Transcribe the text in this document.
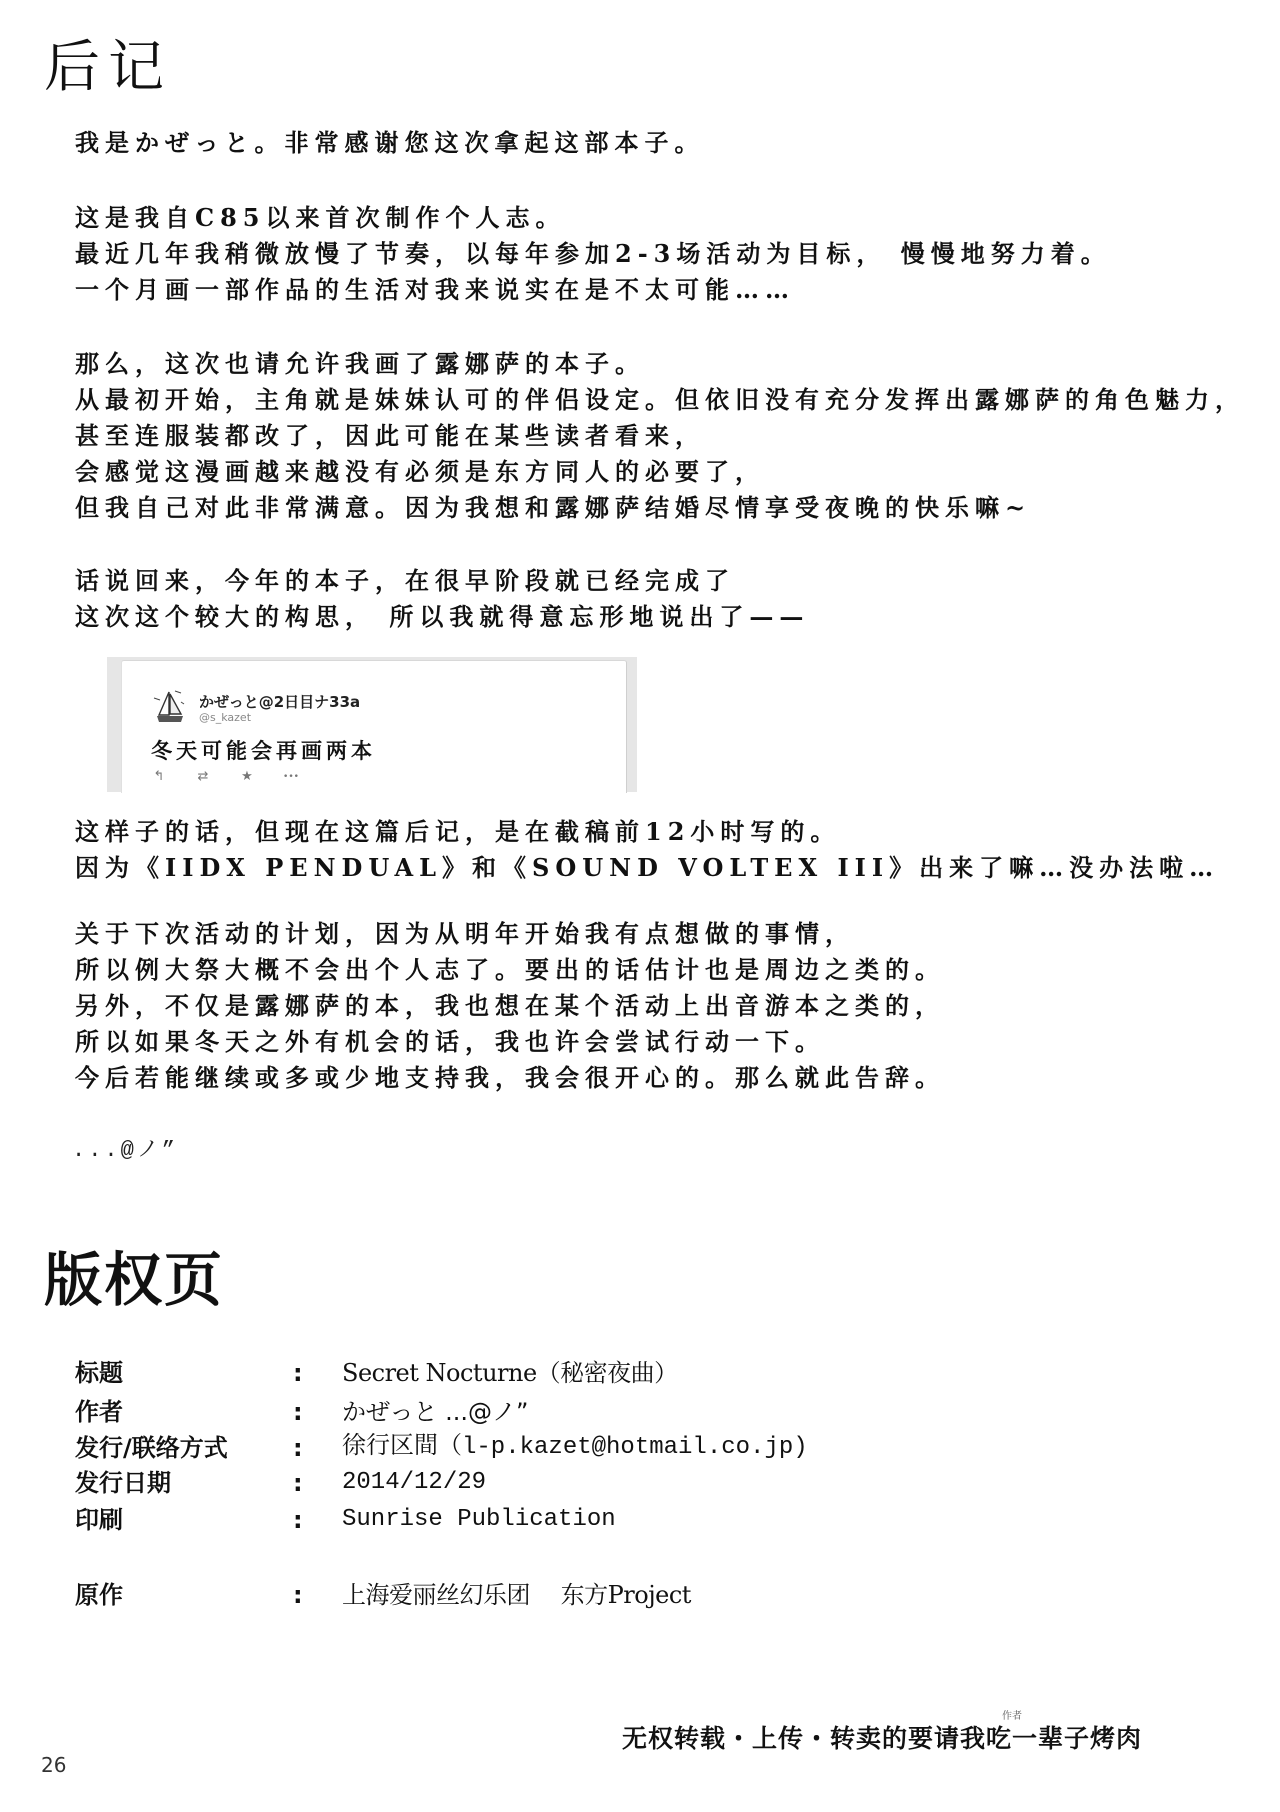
后记
我是かぜっと。非常感谢您这次拿起这部本子。
这是我自C85以来首次制作个人志。
最近几年我稍微放慢了节奏，以每年参加2-3场活动为目标， 慢慢地努力着。
一个月画一部作品的生活对我来说实在是不太可能……
那么，这次也请允许我画了露娜萨的本子。
从最初开始，主角就是妹妹认可的伴侣设定。但依旧没有充分发挥出露娜萨的角色魅力，
甚至连服装都改了，因此可能在某些读者看来，
会感觉这漫画越来越没有必须是东方同人的必要了，
但我自己对此非常满意。因为我想和露娜萨结婚尽情享受夜晚的快乐嘛~
话说回来，今年的本子，在很早阶段就已经完成了
这次这个较大的构思， 所以我就得意忘形地说出了——
かぜっと@2日目ナ33a
@s_kazet
冬天可能会再画两本
↰	⇄	★	•••
这样子的话，但现在这篇后记，是在截稿前12小时写的。
因为《IIDX PENDUAL》和《SOUND VOLTEX III》出来了嘛…没办法啦…
关于下次活动的计划，因为从明年开始我有点想做的事情，
所以例大祭大概不会出个人志了。要出的话估计也是周边之类的。
另外，不仅是露娜萨的本，我也想在某个活动上出音游本之类的，
所以如果冬天之外有机会的话，我也许会尝试行动一下。
今后若能继续或多或少地支持我，我会很开心的。那么就此告辞。
...@ノ”
版权页
标题	: Secret Nocturne（秘密夜曲）
作者	: かぜっと ...@ノ”
发行/联络方式	: 徐行区間（l-p.kazet@hotmail.co.jp)
发行日期	: 2014/12/29
印刷	: Sunrise Publication
原作	: 上海爱丽丝幻乐团　 东方Project
作者
无权转载・上传・转卖的要请我吃一辈子烤肉
26
